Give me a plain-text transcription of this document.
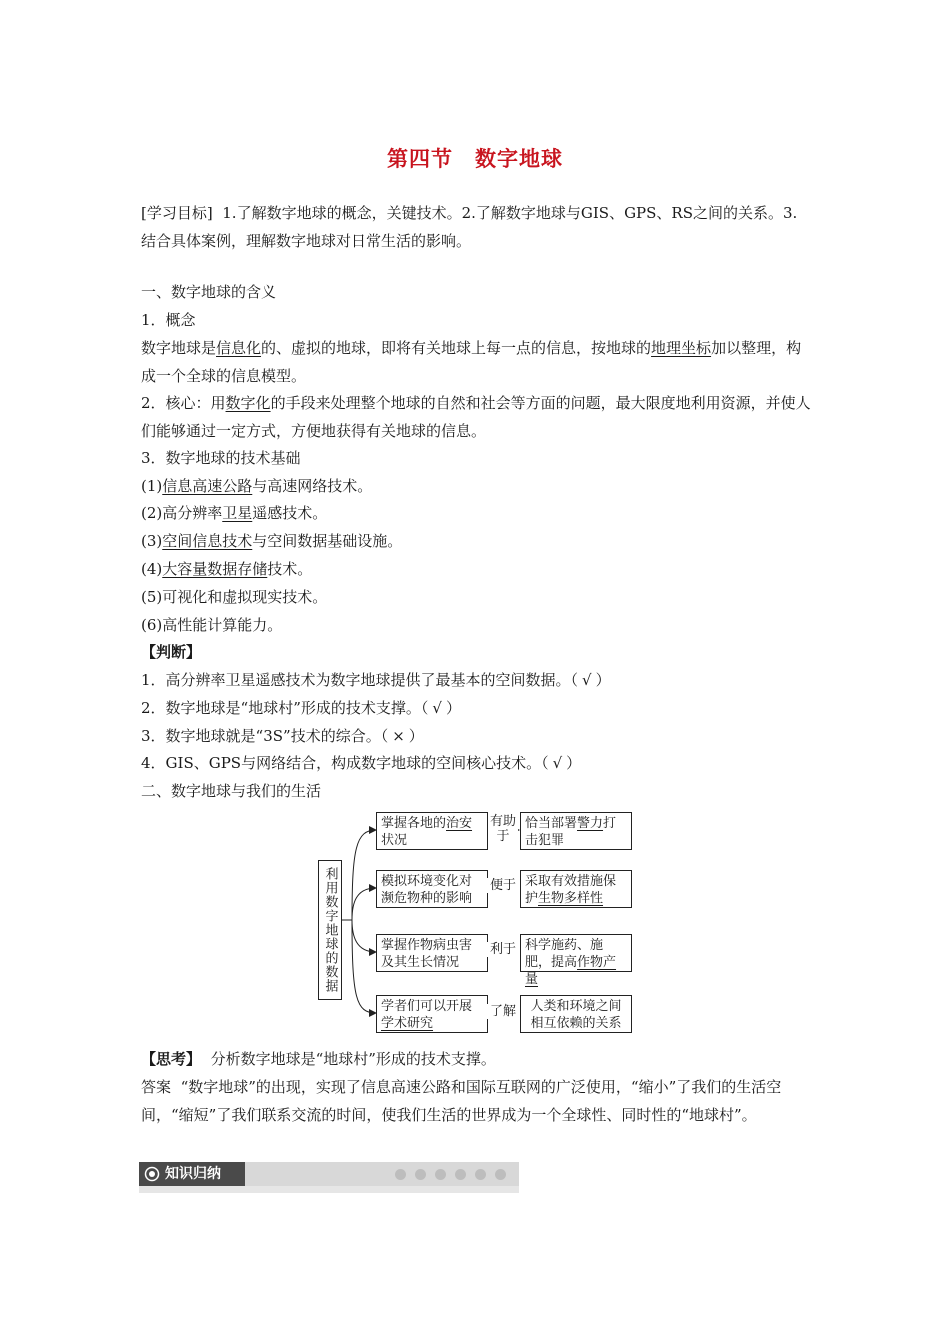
第四节　数字地球

[学习目标] 1.了解数字地球的概念，关键技术。2.了解数字地球与GIS、GPS、RS之间的关系。3.结合具体案例，理解数字地球对日常生活的影响。

一、数字地球的含义

1．概念

数字地球是信息化的、虚拟的地球，即将有关地球上每一点的信息，按地球的地理坐标加以整理，构成一个全球的信息模型。

2．核心：用数字化的手段来处理整个地球的自然和社会等方面的问题，最大限度地利用资源，并使人们能够通过一定方式，方便地获得有关地球的信息。

3．数字地球的技术基础

(1)信息高速公路与高速网络技术。

(2)高分辨率卫星遥感技术。

(3)空间信息技术与空间数据基础设施。

(4)大容量数据存储技术。

(5)可视化和虚拟现实技术。

(6)高性能计算能力。

【判断】

1．高分辨率卫星遥感技术为数字地球提供了最基本的空间数据。（ √ ）

2．数字地球是“地球村”形成的技术支撑。（ √ ）

3．数字地球就是“3S”技术的综合。（ × ）

4．GIS、GPS与网络结合，构成数字地球的空间核心技术。（ √ ）

二、数字地球与我们的生活

利用数字地球的数据
掌握各地的治安状况
模拟环境变化对濒危物种的影响
掌握作物病虫害及其生长情况
学者们可以开展学术研究
有助于
便于
利于
了解
恰当部署警力打击犯罪
采取有效措施保护生物多样性
科学施药、施肥，提高作物产量
人类和环境之间相互依赖的关系

【思考】 分析数字地球是“地球村”形成的技术支撑。

答案 “数字地球”的出现，实现了信息高速公路和国际互联网的广泛使用，“缩小”了我们的生活空间，“缩短”了我们联系交流的时间，使我们生活的世界成为一个全球性、同时性的“地球村”。

知识归纳
